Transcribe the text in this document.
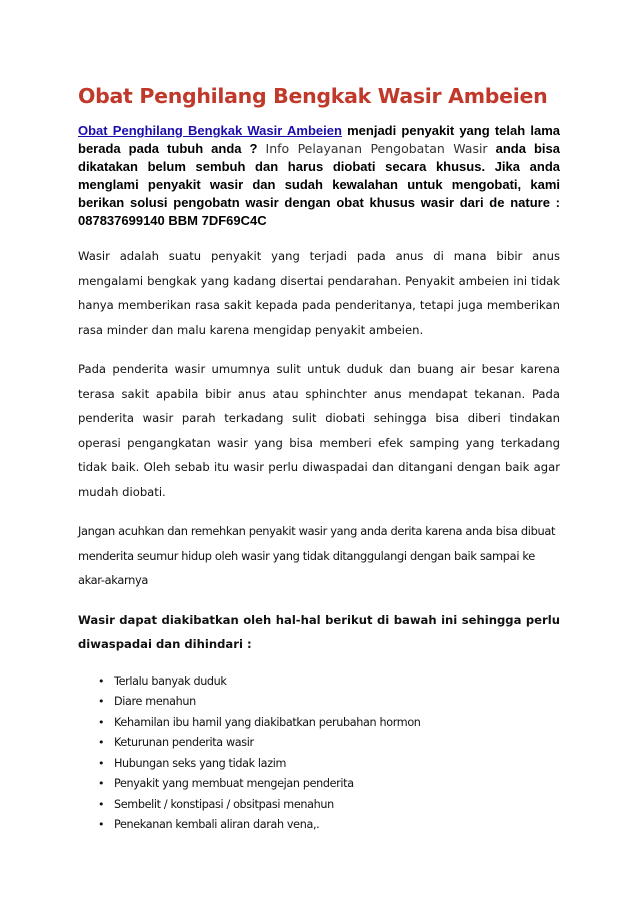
Obat Penghilang Bengkak Wasir Ambeien

Obat Penghilang Bengkak Wasir Ambeien menjadi penyakit yang telah lama berada pada tubuh anda ? Info Pelayanan Pengobatan Wasir anda bisa dikatakan belum sembuh dan harus diobati secara khusus. Jika anda menglami penyakit wasir dan sudah kewalahan untuk mengobati, kami berikan solusi pengobatn wasir dengan obat khusus wasir dari de nature : 087837699140 BBM 7DF69C4C

Wasir adalah suatu penyakit yang terjadi pada anus di mana bibir anus mengalami bengkak yang kadang disertai pendarahan. Penyakit ambeien ini tidak hanya memberikan rasa sakit kepada pada penderitanya, tetapi juga memberikan rasa minder dan malu karena mengidap penyakit ambeien.

Pada penderita wasir umumnya sulit untuk duduk dan buang air besar karena terasa sakit apabila bibir anus atau sphinchter anus mendapat tekanan. Pada penderita wasir parah terkadang sulit diobati sehingga bisa diberi tindakan operasi pengangkatan wasir yang bisa memberi efek samping yang terkadang tidak baik. Oleh sebab itu wasir perlu diwaspadai dan ditangani dengan baik agar mudah diobati.

Jangan acuhkan dan remehkan penyakit wasir yang anda derita karena anda bisa dibuat menderita seumur hidup oleh wasir yang tidak ditanggulangi dengan baik sampai ke akar-akarnya

Wasir dapat diakibatkan oleh hal-hal berikut di bawah ini sehingga perlu diwaspadai dan dihindari :

• Terlalu banyak duduk
• Diare menahun
• Kehamilan ibu hamil yang diakibatkan perubahan hormon
• Keturunan penderita wasir
• Hubungan seks yang tidak lazim
• Penyakit yang membuat mengejan penderita
• Sembelit / konstipasi / obsitpasi menahun
• Penekanan kembali aliran darah vena,.
